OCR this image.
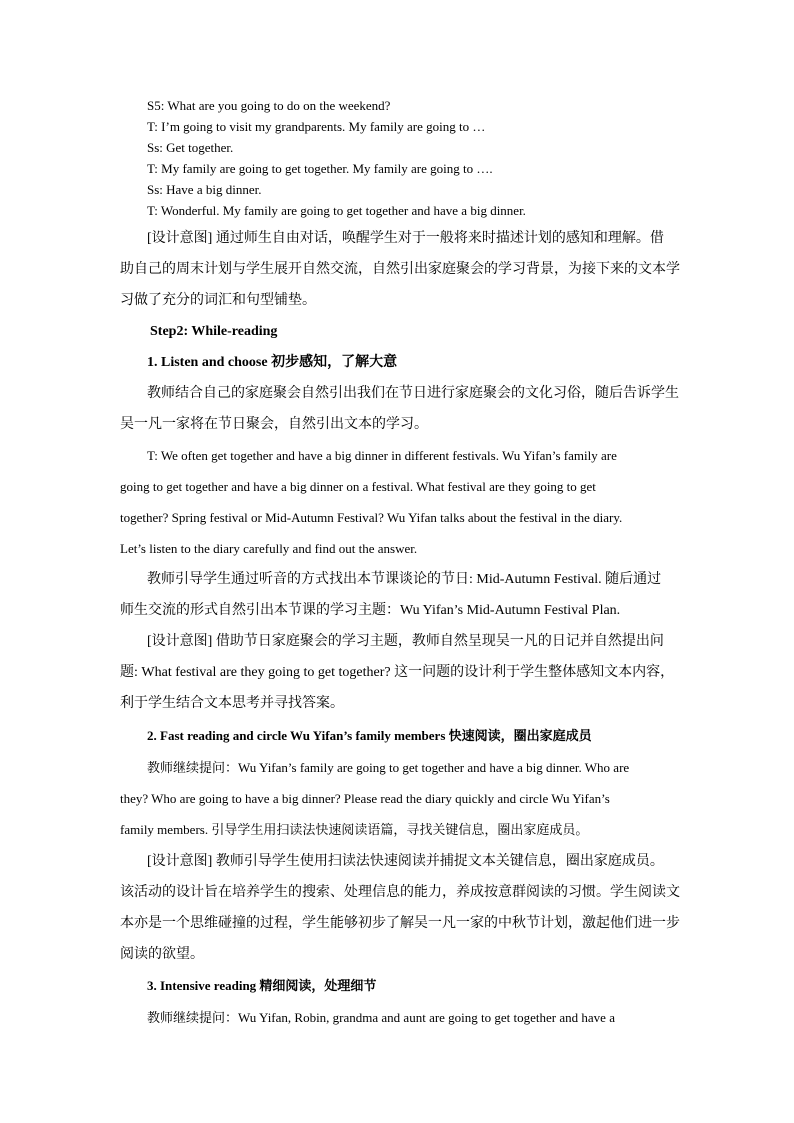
S5: What are you going to do on the weekend?
T: I’m going to visit my grandparents. My family are going to …
Ss: Get together.
T: My family are going to get together. My family are going to ….
Ss: Have a big dinner.
T: Wonderful. My family are going to get together and have a big dinner.
[设计意图] 通过师生自由对话，唤醒学生对于一般将来时描述计划的感知和理解。借
助自己的周末计划与学生展开自然交流，自然引出家庭聚会的学习背景，为接下来的文本学
习做了充分的词汇和句型铺垫。
Step2: While-reading
1. Listen and choose 初步感知，了解大意
教师结合自己的家庭聚会自然引出我们在节日进行家庭聚会的文化习俗，随后告诉学生
吴一凡一家将在节日聚会，自然引出文本的学习。
T: We often get together and have a big dinner in different festivals. Wu Yifan’s family are
going to get together and have a big dinner on a festival. What festival are they going to get
together? Spring festival or Mid-Autumn Festival? Wu Yifan talks about the festival in the diary.
Let’s listen to the diary carefully and find out the answer.
教师引导学生通过听音的方式找出本节课谈论的节日: Mid-Autumn Festival. 随后通过
师生交流的形式自然引出本节课的学习主题：Wu Yifan’s Mid-Autumn Festival Plan.
[设计意图] 借助节日家庭聚会的学习主题，教师自然呈现吴一凡的日记并自然提出问
题: What festival are they going to get together? 这一问题的设计利于学生整体感知文本内容，
利于学生结合文本思考并寻找答案。
2. Fast reading and circle Wu Yifan’s family members 快速阅读，圈出家庭成员
教师继续提问：Wu Yifan’s family are going to get together and have a big dinner. Who are
they? Who are going to have a big dinner? Please read the diary quickly and circle Wu Yifan’s
family members. 引导学生用扫读法快速阅读语篇，寻找关键信息，圈出家庭成员。
[设计意图] 教师引导学生使用扫读法快速阅读并捕捉文本关键信息，圈出家庭成员。
该活动的设计旨在培养学生的搜索、处理信息的能力，养成按意群阅读的习惯。学生阅读文
本亦是一个思维碰撞的过程，学生能够初步了解吴一凡一家的中秋节计划，激起他们进一步
阅读的欲望。
3. Intensive reading 精细阅读，处理细节
教师继续提问：Wu Yifan, Robin, grandma and aunt are going to get together and have a
